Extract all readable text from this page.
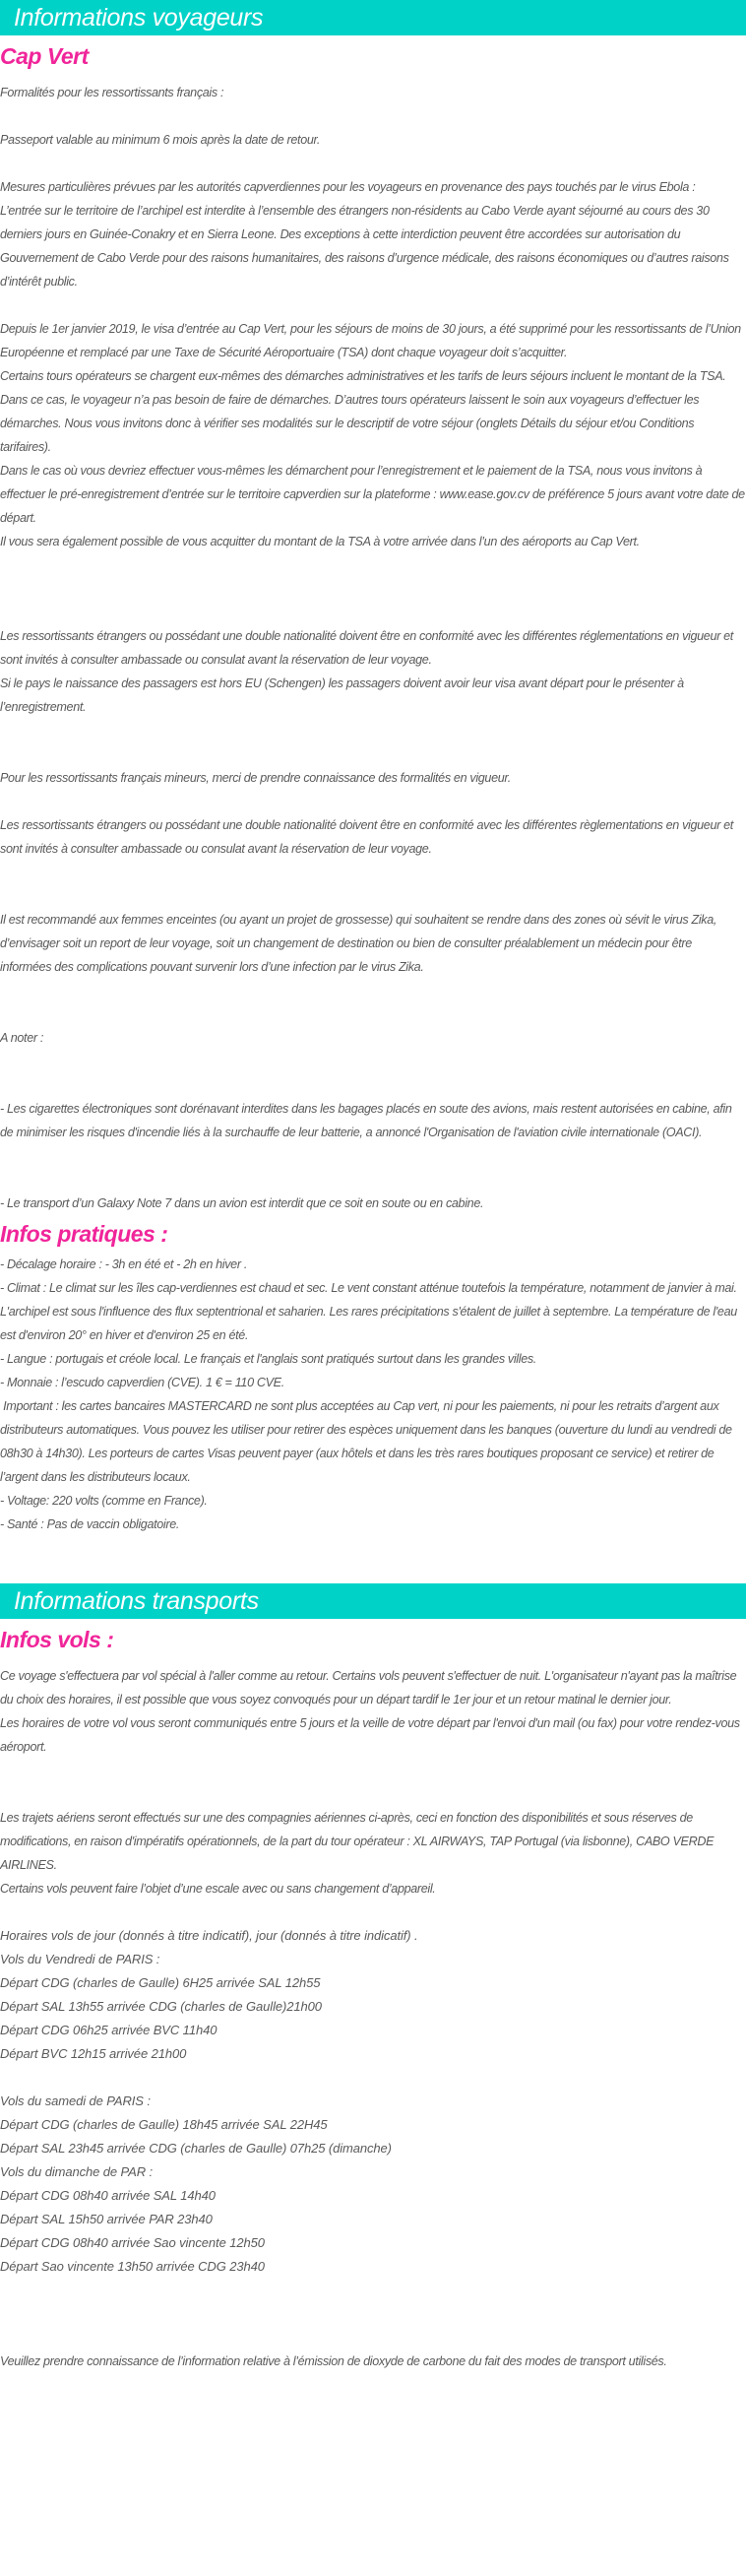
Informations voyageurs
Cap Vert

Formalités pour les ressortissants français :

Passeport valable au minimum 6 mois après la date de retour.

Mesures particulières prévues par les autorités capverdiennes pour les voyageurs en provenance des pays touchés par le virus Ebola :

L’entrée sur le territoire de l’archipel est interdite à l’ensemble des étrangers non-résidents au Cabo Verde ayant séjourné au cours des 30 derniers jours en Guinée-Conakry et en Sierra Leone. Des exceptions à cette interdiction peuvent être accordées sur autorisation du Gouvernement de Cabo Verde pour des raisons humanitaires, des raisons d’urgence médicale, des raisons économiques ou d’autres raisons d’intérêt public.

Depuis le 1er janvier 2019, le visa d’entrée au Cap Vert, pour les séjours de moins de 30 jours, a été supprimé pour les ressortissants de l’Union Européenne et remplacé par une Taxe de Sécurité Aéroportuaire (TSA) dont chaque voyageur doit s’acquitter.

Certains tours opérateurs se chargent eux-mêmes des démarches administratives et les tarifs de leurs séjours incluent le montant de la TSA. Dans ce cas, le voyageur n’a pas besoin de faire de démarches. D’autres tours opérateurs laissent le soin aux voyageurs d’effectuer les démarches. Nous vous invitons donc à vérifier ses modalités sur le descriptif de votre séjour (onglets Détails du séjour et/ou Conditions tarifaires).

Dans le cas où vous devriez effectuer vous-mêmes les démarchent pour l’enregistrement et le paiement de la TSA, nous vous invitons à effectuer le pré-enregistrement d’entrée sur le territoire capverdien sur la plateforme : www.ease.gov.cv de préférence 5 jours avant votre date de départ.

Il vous sera également possible de vous acquitter du montant de la TSA à votre arrivée dans l’un des aéroports au Cap Vert.

Les ressortissants étrangers ou possédant une double nationalité doivent être en conformité avec les différentes réglementations en vigueur et sont invités à consulter ambassade ou consulat avant la réservation de leur voyage.

Si le pays le naissance des passagers est hors EU (Schengen) les passagers doivent avoir leur visa avant départ pour le présenter à l’enregistrement.

Pour les ressortissants français mineurs, merci de prendre connaissance des formalités en vigueur.

Les ressortissants étrangers ou possédant une double nationalité doivent être en conformité avec les différentes règlementations en vigueur et sont invités à consulter ambassade ou consulat avant la réservation de leur voyage.

Il est recommandé aux femmes enceintes (ou ayant un projet de grossesse) qui souhaitent se rendre dans des zones où sévit le virus Zika, d’envisager soit un report de leur voyage, soit un changement de destination ou bien de consulter préalablement un médecin pour être informées des complications pouvant survenir lors d’une infection par le virus Zika.

A noter :

- Les cigarettes électroniques sont dorénavant interdites dans les bagages placés en soute des avions, mais restent autorisées en cabine, afin de minimiser les risques d'incendie liés à la surchauffe de leur batterie, a annoncé l'Organisation de l'aviation civile internationale (OACI).

- Le transport d’un Galaxy Note 7 dans un avion est interdit que ce soit en soute ou en cabine.

Infos pratiques :

- Décalage horaire : - 3h en été et - 2h en hiver .

- Climat : Le climat sur les îles cap-verdiennes est chaud et sec. Le vent constant atténue toutefois la température, notamment de janvier à mai. L'archipel est sous l'influence des flux septentrional et saharien. Les rares précipitations s'étalent de juillet à septembre. La température de l'eau est d'environ 20° en hiver et d'environ 25 en été.

- Langue : portugais et créole local. Le français et l'anglais sont pratiqués surtout dans les grandes villes.

- Monnaie : l’escudo capverdien (CVE). 1 € = 110 CVE.

Important : les cartes bancaires MASTERCARD ne sont plus acceptées au Cap vert, ni pour les paiements, ni pour les retraits d’argent aux distributeurs automatiques. Vous pouvez les utiliser pour retirer des espèces uniquement dans les banques (ouverture du lundi au vendredi de 08h30 à 14h30). Les porteurs de cartes Visas peuvent payer (aux hôtels et dans les très rares boutiques proposant ce service) et retirer de l’argent dans les distributeurs locaux.

- Voltage: 220 volts (comme en France).

- Santé : Pas de vaccin obligatoire.

Informations transports
Infos vols :

Ce voyage s'effectuera par vol spécial à l'aller comme au retour. Certains vols peuvent s'effectuer de nuit. L'organisateur n'ayant pas la maîtrise du choix des horaires, il est possible que vous soyez convoqués pour un départ tardif le 1er jour et un retour matinal le dernier jour.

Les horaires de votre vol vous seront communiqués entre 5 jours et la veille de votre départ par l'envoi d'un mail (ou fax) pour votre rendez-vous aéroport.

Les trajets aériens seront effectués sur une des compagnies aériennes ci-après, ceci en fonction des disponibilités et sous réserves de modifications, en raison d'impératifs opérationnels, de la part du tour opérateur : XL AIRWAYS, TAP Portugal (via lisbonne), CABO VERDE AIRLINES.

Certains vols peuvent faire l’objet d’une escale avec ou sans changement d’appareil.

Horaires vols de jour (donnés à titre indicatif), jour (donnés à titre indicatif) .

Vols du Vendredi de PARIS :

Départ CDG (charles de Gaulle) 6H25 arrivée SAL 12h55

Départ SAL 13h55 arrivée CDG (charles de Gaulle)21h00

Départ CDG 06h25 arrivée BVC 11h40

Départ BVC 12h15 arrivée 21h00

Vols du samedi de PARIS :

Départ CDG (charles de Gaulle) 18h45 arrivée SAL 22H45

Départ SAL 23h45 arrivée CDG (charles de Gaulle) 07h25 (dimanche)

Vols du dimanche de PAR :

Départ CDG 08h40 arrivée SAL 14h40

Départ SAL 15h50 arrivée PAR 23h40

Départ CDG 08h40 arrivée Sao vincente 12h50

Départ Sao vincente 13h50 arrivée CDG 23h40

Veuillez prendre connaissance de l’information relative à l’émission de dioxyde de carbone du fait des modes de transport utilisés.
